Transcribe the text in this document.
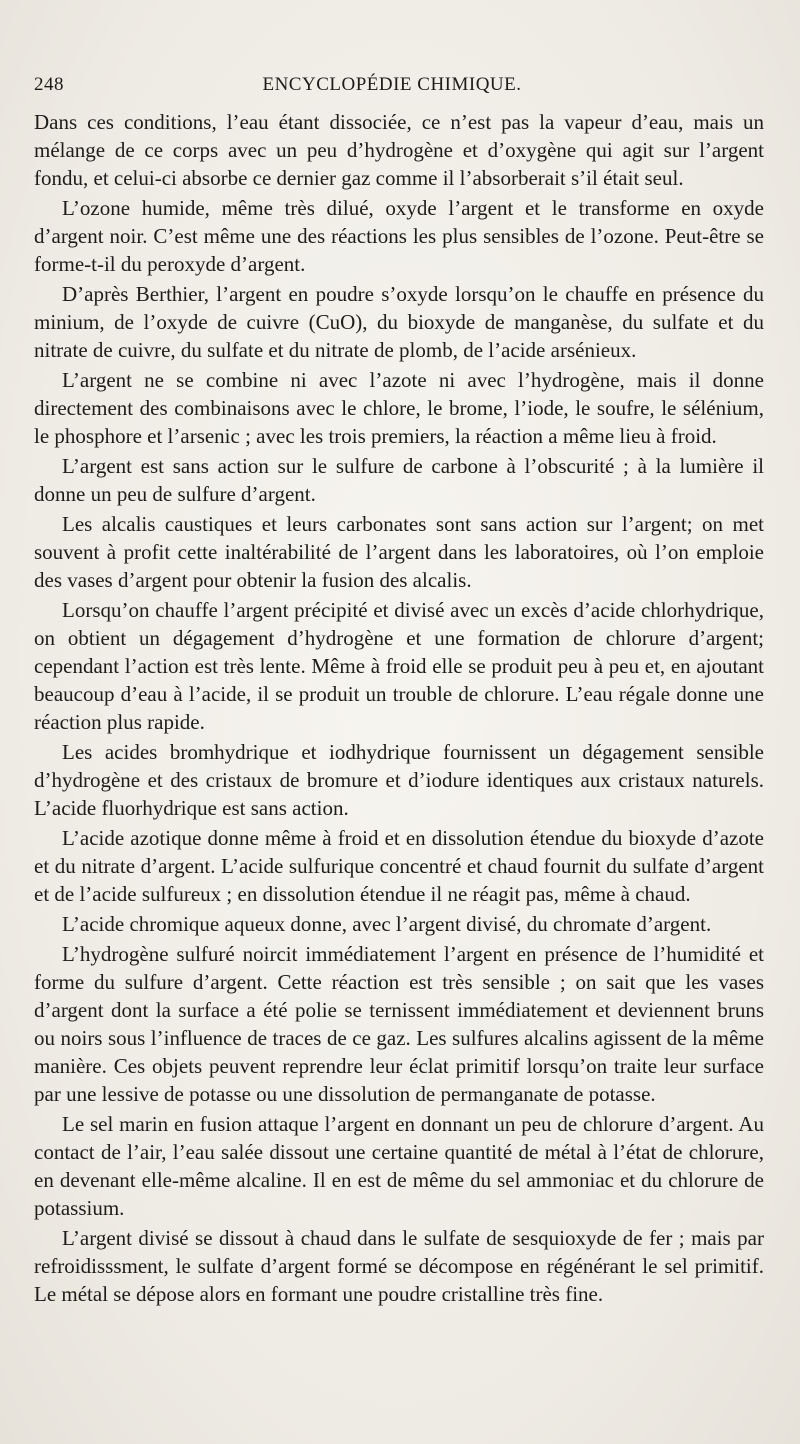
248	ENCYCLOPÉDIE CHIMIQUE.

Dans ces conditions, l’eau étant dissociée, ce n’est pas la vapeur d’eau, mais un mélange de ce corps avec un peu d’hydrogène et d’oxygène qui agit sur l’argent fondu, et celui-ci absorbe ce dernier gaz comme il l’absorberait s’il était seul.

L’ozone humide, même très dilué, oxyde l’argent et le transforme en oxyde d’argent noir. C’est même une des réactions les plus sensibles de l’ozone. Peut-être se forme-t-il du peroxyde d’argent.

D’après Berthier, l’argent en poudre s’oxyde lorsqu’on le chauffe en présence du minium, de l’oxyde de cuivre (CuO), du bioxyde de manganèse, du sulfate et du nitrate de cuivre, du sulfate et du nitrate de plomb, de l’acide arsénieux.

L’argent ne se combine ni avec l’azote ni avec l’hydrogène, mais il donne directement des combinaisons avec le chlore, le brome, l’iode, le soufre, le sélénium, le phosphore et l’arsenic ; avec les trois premiers, la réaction a même lieu à froid.

L’argent est sans action sur le sulfure de carbone à l’obscurité ; à la lumière il donne un peu de sulfure d’argent.

Les alcalis caustiques et leurs carbonates sont sans action sur l’argent; on met souvent à profit cette inaltérabilité de l’argent dans les laboratoires, où l’on emploie des vases d’argent pour obtenir la fusion des alcalis.

Lorsqu’on chauffe l’argent précipité et divisé avec un excès d’acide chlorhydrique, on obtient un dégagement d’hydrogène et une formation de chlorure d’argent; cependant l’action est très lente. Même à froid elle se produit peu à peu et, en ajoutant beaucoup d’eau à l’acide, il se produit un trouble de chlorure. L’eau régale donne une réaction plus rapide.

Les acides bromhydrique et iodhydrique fournissent un dégagement sensible d’hydrogène et des cristaux de bromure et d’iodure identiques aux cristaux naturels. L’acide fluorhydrique est sans action.

L’acide azotique donne même à froid et en dissolution étendue du bioxyde d’azote et du nitrate d’argent. L’acide sulfurique concentré et chaud fournit du sulfate d’argent et de l’acide sulfureux ; en dissolution étendue il ne réagit pas, même à chaud.

L’acide chromique aqueux donne, avec l’argent divisé, du chromate d’argent.

L’hydrogène sulfuré noircit immédiatement l’argent en présence de l’humidité et forme du sulfure d’argent. Cette réaction est très sensible ; on sait que les vases d’argent dont la surface a été polie se ternissent immédiatement et deviennent bruns ou noirs sous l’influence de traces de ce gaz. Les sulfures alcalins agissent de la même manière. Ces objets peuvent reprendre leur éclat primitif lorsqu’on traite leur surface par une lessive de potasse ou une dissolution de permanganate de potasse.

Le sel marin en fusion attaque l’argent en donnant un peu de chlorure d’argent. Au contact de l’air, l’eau salée dissout une certaine quantité de métal à l’état de chlorure, en devenant elle-même alcaline. Il en est de même du sel ammoniac et du chlorure de potassium.

L’argent divisé se dissout à chaud dans le sulfate de sesquioxyde de fer ; mais par refroidisssment, le sulfate d’argent formé se décompose en régénérant le sel primitif. Le métal se dépose alors en formant une poudre cristalline très fine.
